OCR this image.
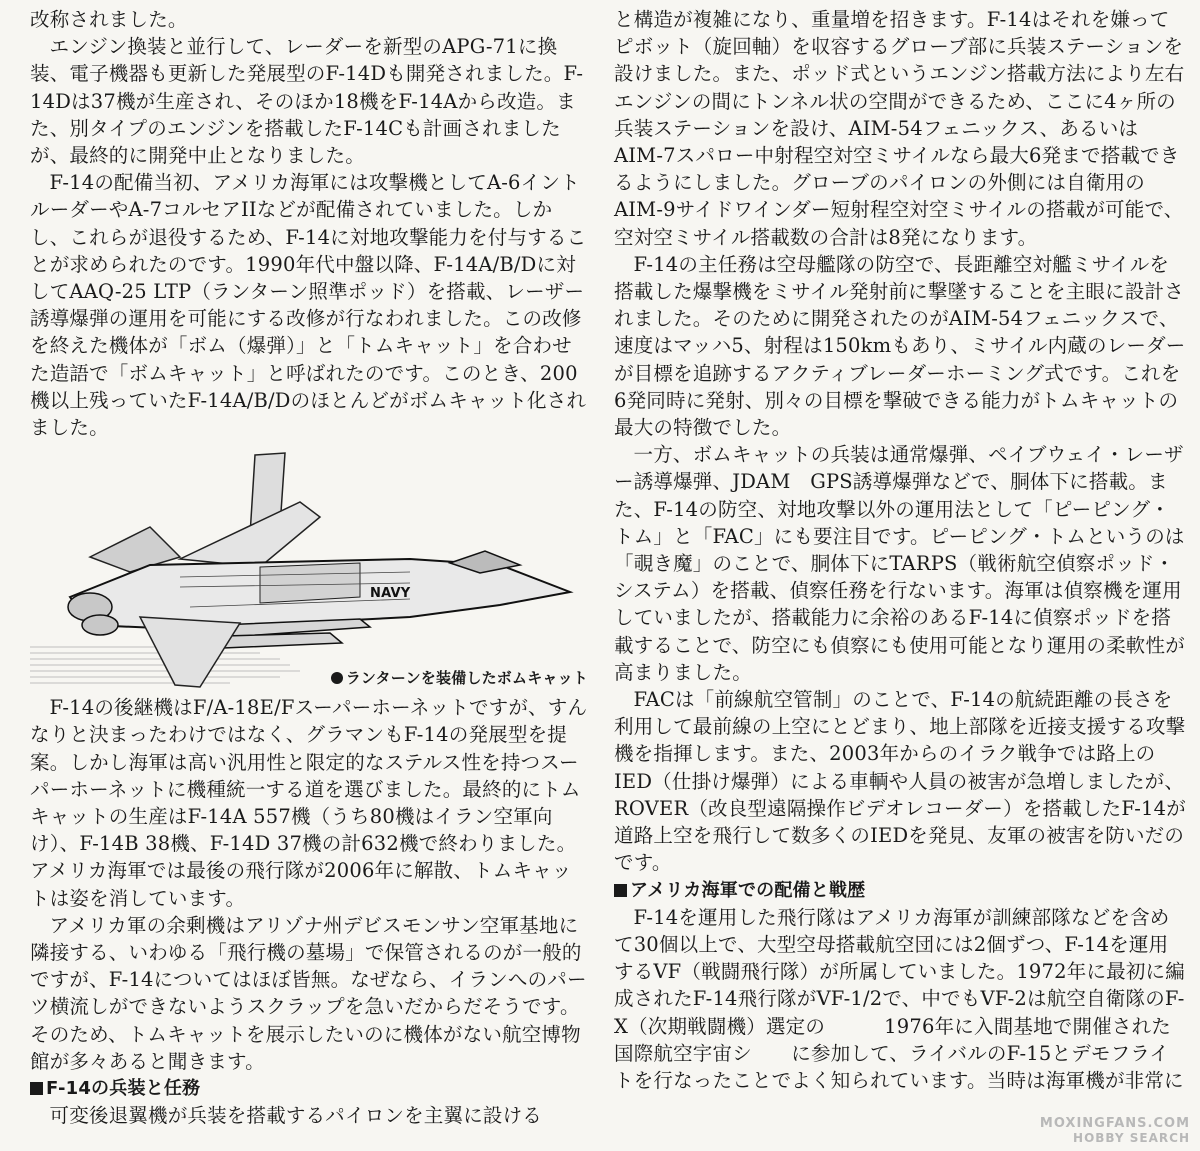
改称されました。

エンジン換装と並行して、レーダーを新型のAPG-71に換装、電子機器も更新した発展型のF-14Dも開発されました。F-14Dは37機が生産され、そのほか18機をF-14Aから改造。また、別タイプのエンジンを搭載したF-14Cも計画されましたが、最終的に開発中止となりました。

F-14の配備当初、アメリカ海軍には攻撃機としてA-6イントルーダーやA-7コルセアIIなどが配備されていました。しかし、これらが退役するため、F-14に対地攻撃能力を付与することが求められたのです。1990年代中盤以降、F-14A/B/Dに対してAAQ-25 LTP（ランターン照準ポッド）を搭載、レーザー誘導爆弾の運用を可能にする改修が行なわれました。この改修を終えた機体が「ボム（爆弾）」と「トムキャット」を合わせた造語で「ボムキャット」と呼ばれたのです。このとき、200機以上残っていたF-14A/B/Dのほとんどがボムキャット化されました。

NAVY
ランターンを装備したボムキャット

F-14の後継機はF/A-18E/Fスーパーホーネットですが、すんなりと決まったわけではなく、グラマンもF-14の発展型を提案。しかし海軍は高い汎用性と限定的なステルス性を持つスーパーホーネットに機種統一する道を選びました。最終的にトムキャットの生産はF-14A 557機（うち80機はイラン空軍向け）、F-14B 38機、F-14D 37機の計632機で終わりました。アメリカ海軍では最後の飛行隊が2006年に解散、トムキャットは姿を消しています。

アメリカ軍の余剰機はアリゾナ州デビスモンサン空軍基地に隣接する、いわゆる「飛行機の墓場」で保管されるのが一般的ですが、F-14についてはほぼ皆無。なぜなら、イランへのパーツ横流しができないようスクラップを急いだからだそうです。そのため、トムキャットを展示したいのに機体がない航空博物館が多々あると聞きます。

F-14の兵装と任務

可変後退翼機が兵装を搭載するパイロンを主翼に設ける

と構造が複雑になり、重量増を招きます。F-14はそれを嫌ってピボット（旋回軸）を収容するグローブ部に兵装ステーションを設けました。また、ポッド式というエンジン搭載方法により左右エンジンの間にトンネル状の空間ができるため、ここに4ヶ所の兵装ステーションを設け、AIM-54フェニックス、あるいはAIM-7スパロー中射程空対空ミサイルなら最大6発まで搭載できるようにしました。グローブのパイロンの外側には自衛用のAIM-9サイドワインダー短射程空対空ミサイルの搭載が可能で、空対空ミサイル搭載数の合計は8発になります。

F-14の主任務は空母艦隊の防空で、長距離空対艦ミサイルを搭載した爆撃機をミサイル発射前に撃墜することを主眼に設計されました。そのために開発されたのがAIM-54フェニックスで、速度はマッハ5、射程は150kmもあり、ミサイル内蔵のレーダーが目標を追跡するアクティブレーダーホーミング式です。これを6発同時に発射、別々の目標を撃破できる能力がトムキャットの最大の特徴でした。

一方、ボムキャットの兵装は通常爆弾、ペイブウェイ・レーザー誘導爆弾、JDAM　GPS誘導爆弾などで、胴体下に搭載。また、F-14の防空、対地攻撃以外の運用法として「ピーピング・トム」と「FAC」にも要注目です。ピーピング・トムというのは「覗き魔」のことで、胴体下にTARPS（戦術航空偵察ポッド・システム）を搭載、偵察任務を行ないます。海軍は偵察機を運用していましたが、搭載能力に余裕のあるF-14に偵察ポッドを搭載することで、防空にも偵察にも使用可能となり運用の柔軟性が高まりました。

FACは「前線航空管制」のことで、F-14の航続距離の長さを利用して最前線の上空にとどまり、地上部隊を近接支援する攻撃機を指揮します。また、2003年からのイラク戦争では路上のIED（仕掛け爆弾）による車輌や人員の被害が急増しましたが、ROVER（改良型遠隔操作ビデオレコーダー）を搭載したF-14が道路上空を飛行して数多くのIEDを発見、友軍の被害を防いだのです。

アメリカ海軍での配備と戦歴

F-14を運用した飛行隊はアメリカ海軍が訓練部隊などを含めて30個以上で、大型空母搭載航空団には2個ずつ、F-14を運用するVF（戦闘飛行隊）が所属していました。1972年に最初に編成されたF-14飛行隊がVF-1/2で、中でもVF-2は航空自衛隊のF-X（次期戦闘機）選定の　　　1976年に入間基地で開催された国際航空宇宙シ　　に参加して、ライバルのF-15とデモフライトを行なったことでよく知られています。当時は海軍機が非常に

MOXINGFANS.COM
HOBBY SEARCH
